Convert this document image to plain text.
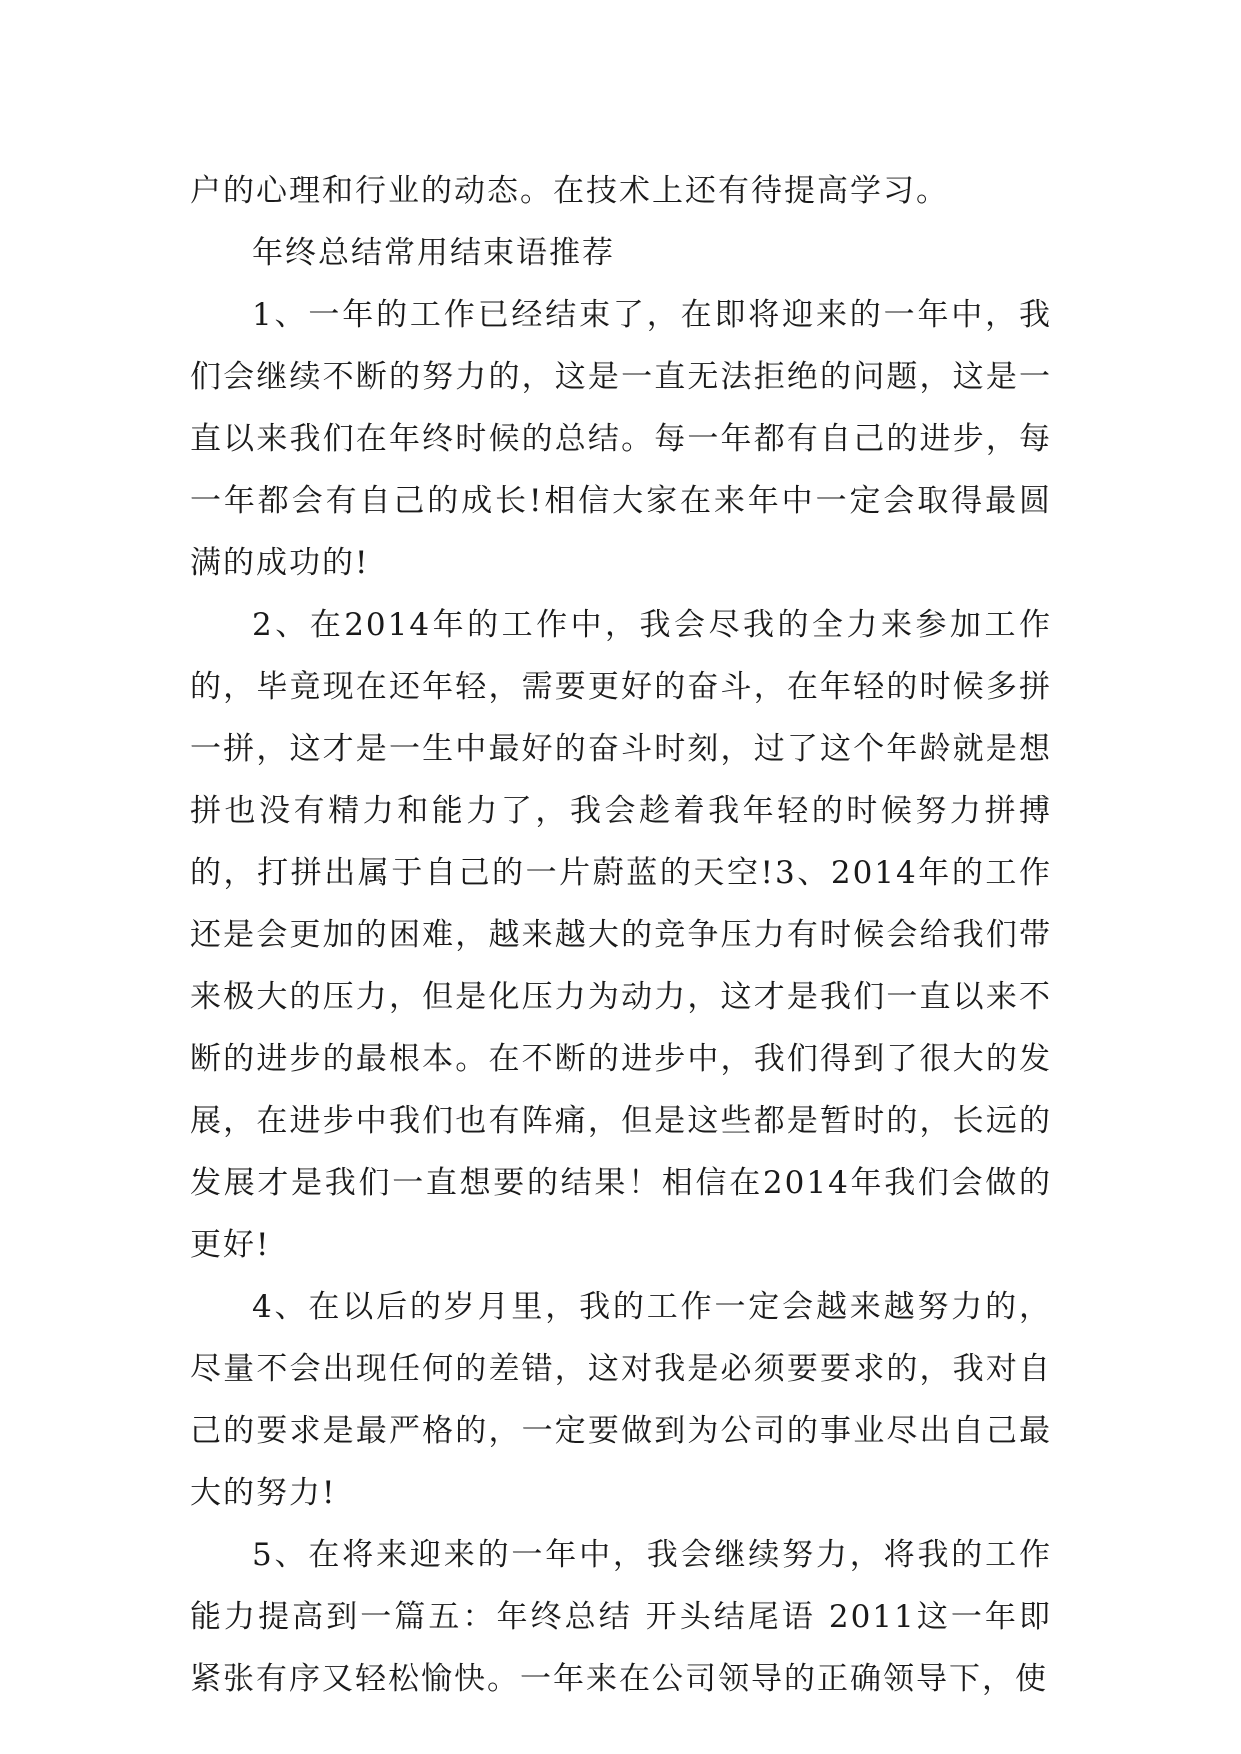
户的心理和行业的动态。在技术上还有待提高学习。

年终总结常用结束语推荐

1、一年的工作已经结束了，在即将迎来的一年中，我们会继续不断的努力的，这是一直无法拒绝的问题，这是一直以来我们在年终时候的总结。每一年都有自己的进步，每一年都会有自己的成长!相信大家在来年中一定会取得最圆满的成功的!

2、在2014年的工作中，我会尽我的全力来参加工作的，毕竟现在还年轻，需要更好的奋斗，在年轻的时候多拼一拼，这才是一生中最好的奋斗时刻，过了这个年龄就是想拼也没有精力和能力了，我会趁着我年轻的时候努力拼搏的，打拼出属于自己的一片蔚蓝的天空!3、2014年的工作还是会更加的困难，越来越大的竞争压力有时候会给我们带来极大的压力，但是化压力为动力，这才是我们一直以来不断的进步的最根本。在不断的进步中，我们得到了很大的发展，在进步中我们也有阵痛，但是这些都是暂时的，长远的发展才是我们一直想要的结果！相信在2014年我们会做的更好!

4、在以后的岁月里，我的工作一定会越来越努力的，尽量不会出现任何的差错，这对我是必须要要求的，我对自己的要求是最严格的，一定要做到为公司的事业尽出自己最大的努力!

5、在将来迎来的一年中，我会继续努力，将我的工作能力提高到一篇五：年终总结 开头结尾语 2011这一年即紧张有序又轻松愉快。一年来在公司领导的正确领导下，使
